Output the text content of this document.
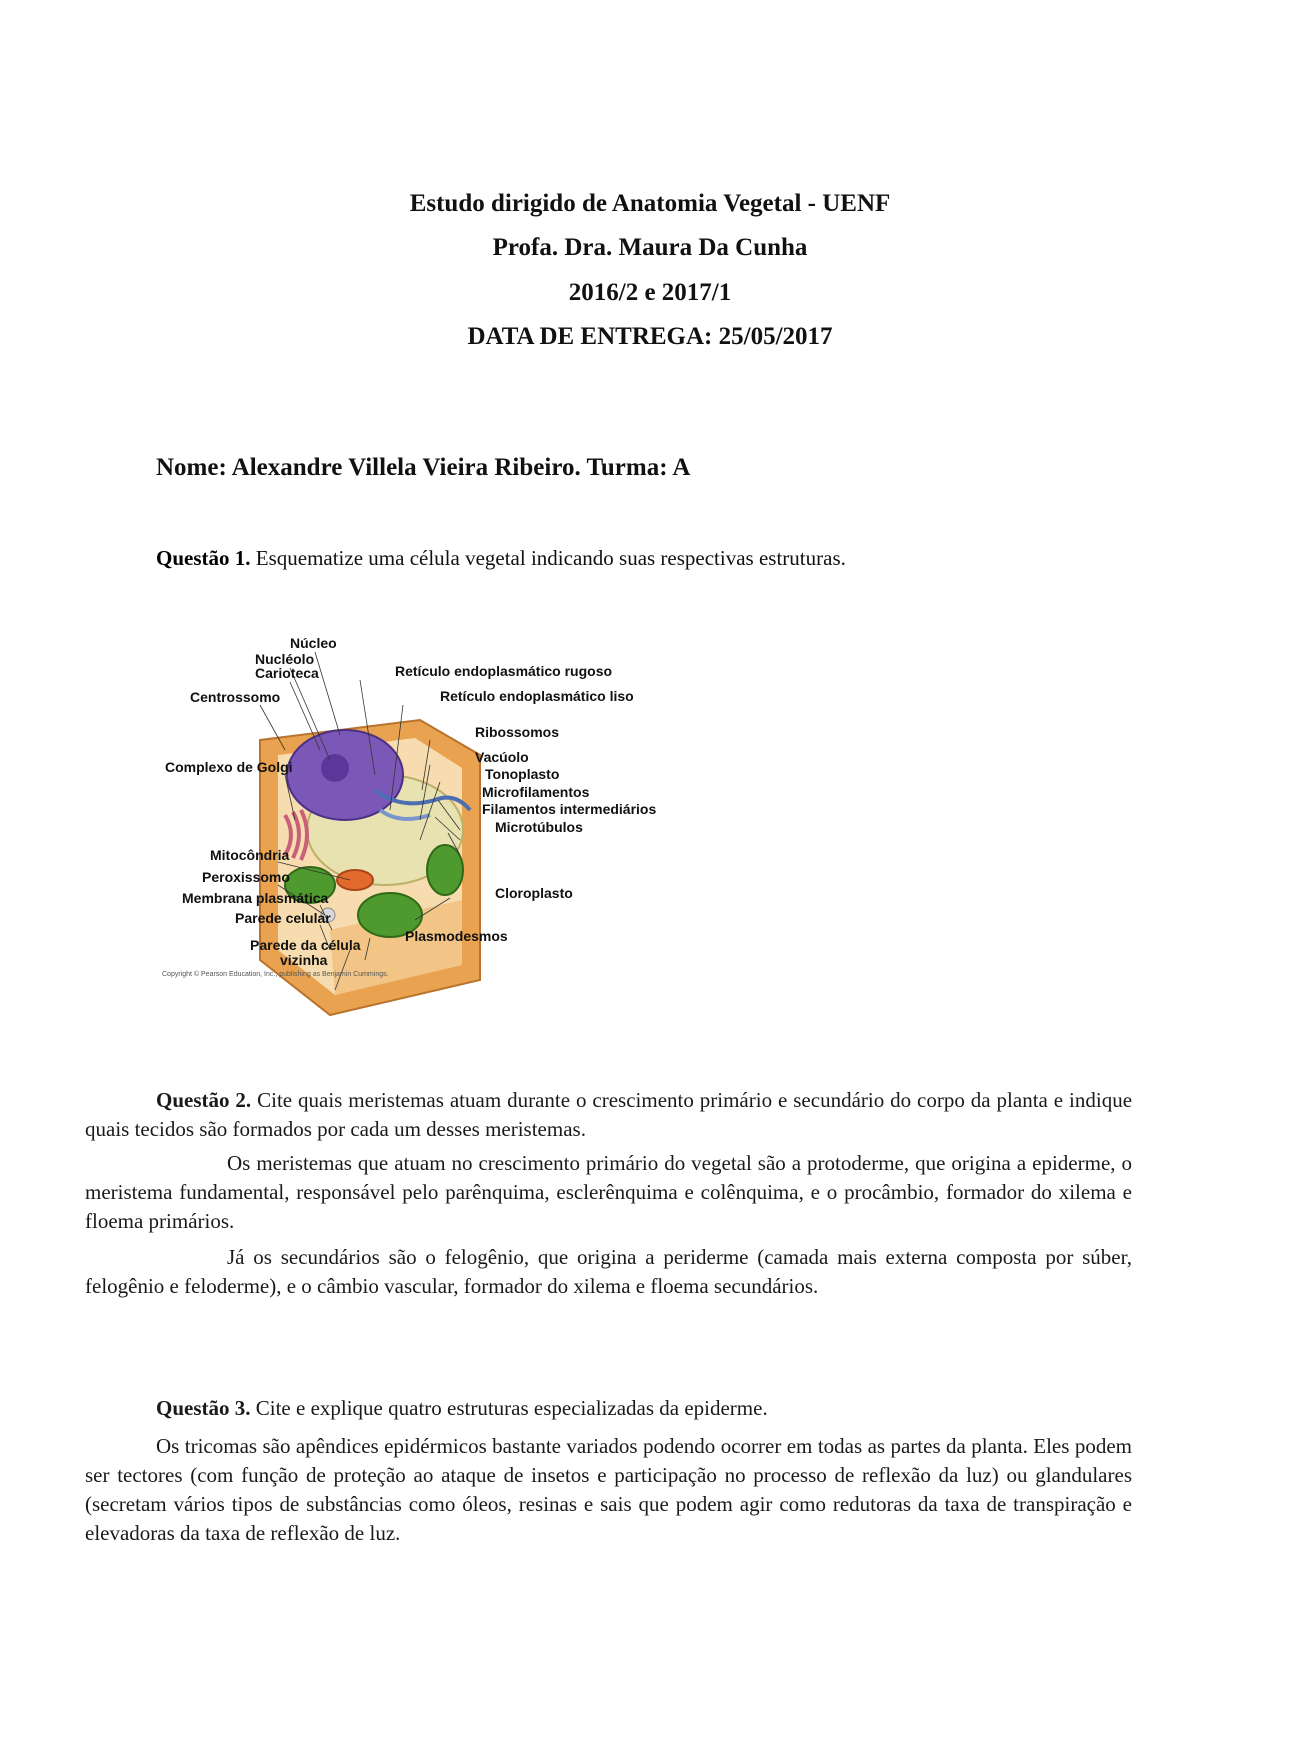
Estudo dirigido de Anatomia Vegetal - UENF
Profa. Dra. Maura Da Cunha
2016/2 e 2017/1
DATA DE ENTREGA: 25/05/2017
Nome: Alexandre Villela Vieira Ribeiro. Turma: A
Questão 1. Esquematize uma célula vegetal indicando suas respectivas estruturas.
Núcleo
Nucléolo
Carioteca
Centrossomo
Complexo de Golgi
Mitocôndria
Peroxissomo
Membrana plasmática
Parede celular
Parede da célula
vizinha
Retículo endoplasmático rugoso
Retículo endoplasmático liso
Ribossomos
Vacúolo
Tonoplasto
Microfilamentos
Filamentos intermediários
Microtúbulos
Cloroplasto
Plasmodesmos
Copyright © Pearson Education, Inc., publishing as Benjamin Cummings.
Questão 2. Cite quais meristemas atuam durante o crescimento primário e secundário do corpo da planta e indique quais tecidos são formados por cada um desses meristemas.
Os meristemas que atuam no crescimento primário do vegetal são a protoderme, que origina a epiderme, o meristema fundamental, responsável pelo parênquima, esclerênquima e colênquima, e o procâmbio, formador do xilema e floema primários.
Já os secundários são o felogênio, que origina a periderme (camada mais externa composta por súber, felogênio e feloderme), e o câmbio vascular, formador do xilema e floema secundários.
Questão 3. Cite e explique quatro estruturas especializadas da epiderme.
Os tricomas são apêndices epidérmicos bastante variados podendo ocorrer em todas as partes da planta. Eles podem ser tectores (com função de proteção ao ataque de insetos e participação no processo de reflexão da luz) ou glandulares (secretam vários tipos de substâncias como óleos, resinas e sais que podem agir como redutoras da taxa de transpiração e elevadoras da taxa de reflexão de luz.
